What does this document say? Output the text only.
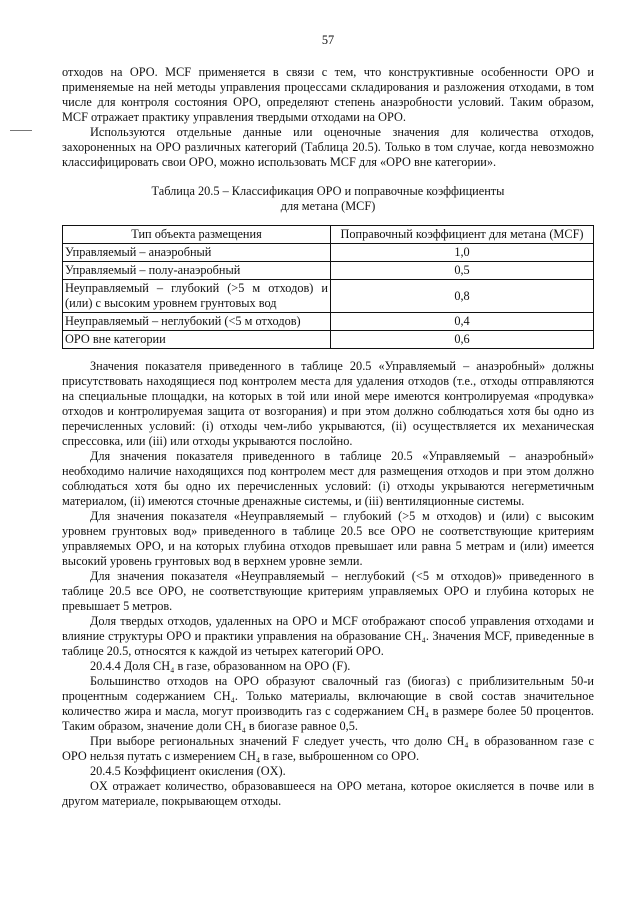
57

отходов на ОРО. MCF применяется в связи с тем, что конструктивные особенности ОРО и применяемые на ней методы управления процессами складирования и разложения отходами, в том числе для контроля состояния ОРО, определяют степень анаэробности условий. Таким образом, MCF отражает практику управления твердыми отходами на ОРО.

Используются отдельные данные или оценочные значения для количества отходов, захороненных на ОРО различных категорий (Таблица 20.5). Только в том случае, когда невозможно классифицировать свои ОРО, можно использовать MCF для «ОРО вне категории».

Таблица 20.5 – Классификация ОРО и поправочные коэффициенты
для метана (MCF)
Тип объекта размещения	Поправочный коэффициент для метана (MCF)
Управляемый – анаэробный	1,0
Управляемый – полу-анаэробный	0,5
Неуправляемый – глубокий (>5 м отходов) и (или) с высоким уровнем грунтовых вод	0,8
Неуправляемый – неглубокий (<5 м отходов)	0,4
ОРО вне категории	0,6

Значения показателя приведенного в таблице 20.5 «Управляемый – анаэробный» должны присутствовать находящиеся под контролем места для удаления отходов (т.е., отходы отправляются на специальные площадки, на которых в той или иной мере имеются контролируемая «продувка» отходов и контролируемая защита от возгорания) и при этом должно соблюдаться хотя бы одно из перечисленных условий: (i) отходы чем-либо укрываются, (ii) осуществляется их механическая спрессовка, или (iii) или отходы укрываются послойно.

Для значения показателя приведенного в таблице 20.5 «Управляемый – анаэробный» необходимо наличие находящихся под контролем мест для размещения отходов и при этом должно соблюдаться хотя бы одно их перечисленных условий: (i) отходы укрываются негерметичным материалом, (ii) имеются сточные дренажные системы, и (iii) вентиляционные системы.

Для значения показателя «Неуправляемый – глубокий (>5 м отходов) и (или) с высоким уровнем грунтовых вод» приведенного в таблице 20.5 все ОРО не соответствующие критериям управляемых ОРО, и на которых глубина отходов превышает или равна 5 метрам и (или) имеется высокий уровень грунтовых вод в верхнем уровне земли.

Для значения показателя «Неуправляемый – неглубокий (<5 м отходов)» приведенного в таблице 20.5 все ОРО, не соответствующие критериям управляемых ОРО и глубина которых не превышает 5 метров.

Доля твердых отходов, удаленных на ОРО и MCF отображают способ управления отходами и влияние структуры ОРО и практики управления на образование CH₄. Значения MCF, приведенные в таблице 20.5, относятся к каждой из четырех категорий ОРО.

20.4.4 Доля CH₄ в газе, образованном на ОРО (F).

Большинство отходов на ОРО образуют свалочный газ (биогаз) с приблизительным 50-и процентным содержанием CH₄. Только материалы, включающие в свой состав значительное количество жира и масла, могут производить газ с содержанием CH₄ в размере более 50 процентов. Таким образом, значение доли CH₄ в биогазе равное 0,5.

При выборе региональных значений F следует учесть, что долю CH₄ в образованном газе с ОРО нельзя путать с измерением CH₄ в газе, выброшенном со ОРО.

20.4.5 Коэффициент окисления (OX).

OX отражает количество, образовавшееся на ОРО метана, которое окисляется в почве или в другом материале, покрывающем отходы.
